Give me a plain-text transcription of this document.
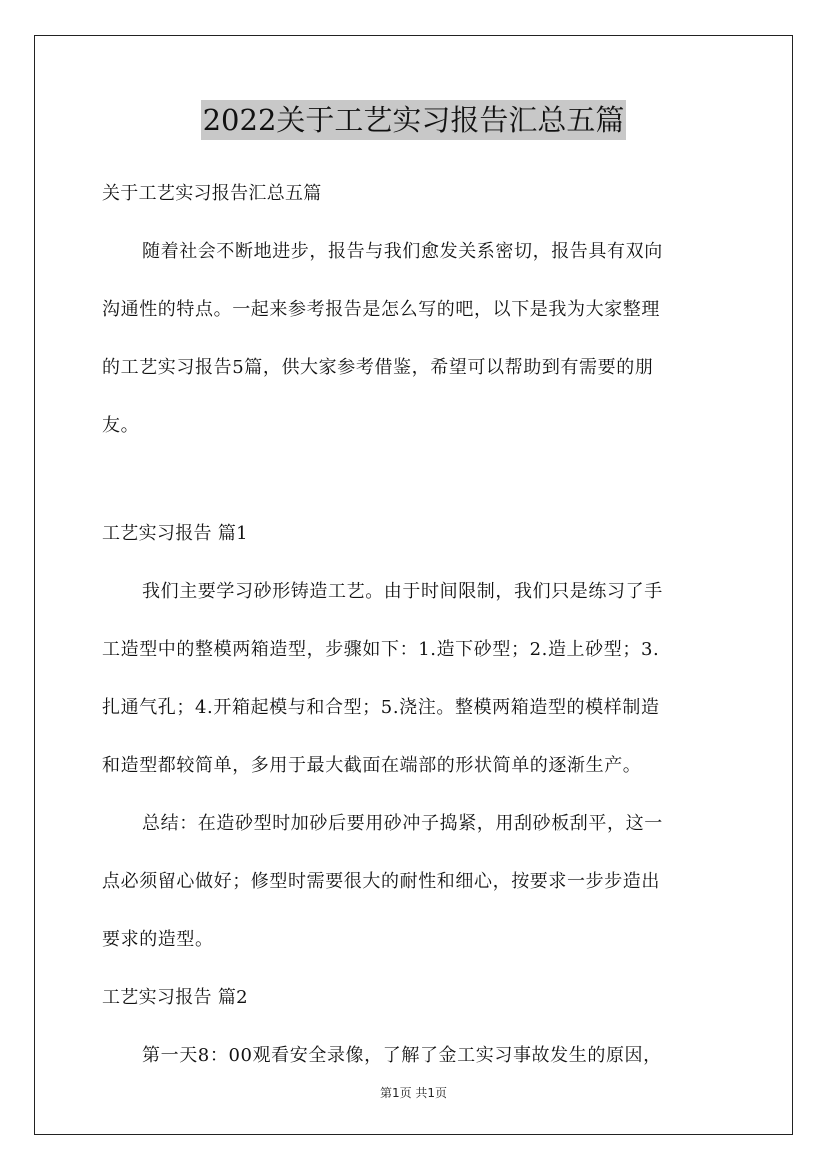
2022关于工艺实习报告汇总五篇
关于工艺实习报告汇总五篇
随着社会不断地进步，报告与我们愈发关系密切，报告具有双向
沟通性的特点。一起来参考报告是怎么写的吧，以下是我为大家整理
的工艺实习报告5篇，供大家参考借鉴，希望可以帮助到有需要的朋
友。
工艺实习报告 篇1
我们主要学习砂形铸造工艺。由于时间限制，我们只是练习了手
工造型中的整模两箱造型，步骤如下：1.造下砂型；2.造上砂型；3.
扎通气孔；4.开箱起模与和合型；5.浇注。整模两箱造型的模样制造
和造型都较简单，多用于最大截面在端部的形状简单的逐渐生产。
总结：在造砂型时加砂后要用砂冲子捣紧，用刮砂板刮平，这一
点必须留心做好；修型时需要很大的耐性和细心，按要求一步步造出
要求的造型。
工艺实习报告 篇2
第一天8：00观看安全录像，了解了金工实习事故发生的原因，
第1页 共1页
